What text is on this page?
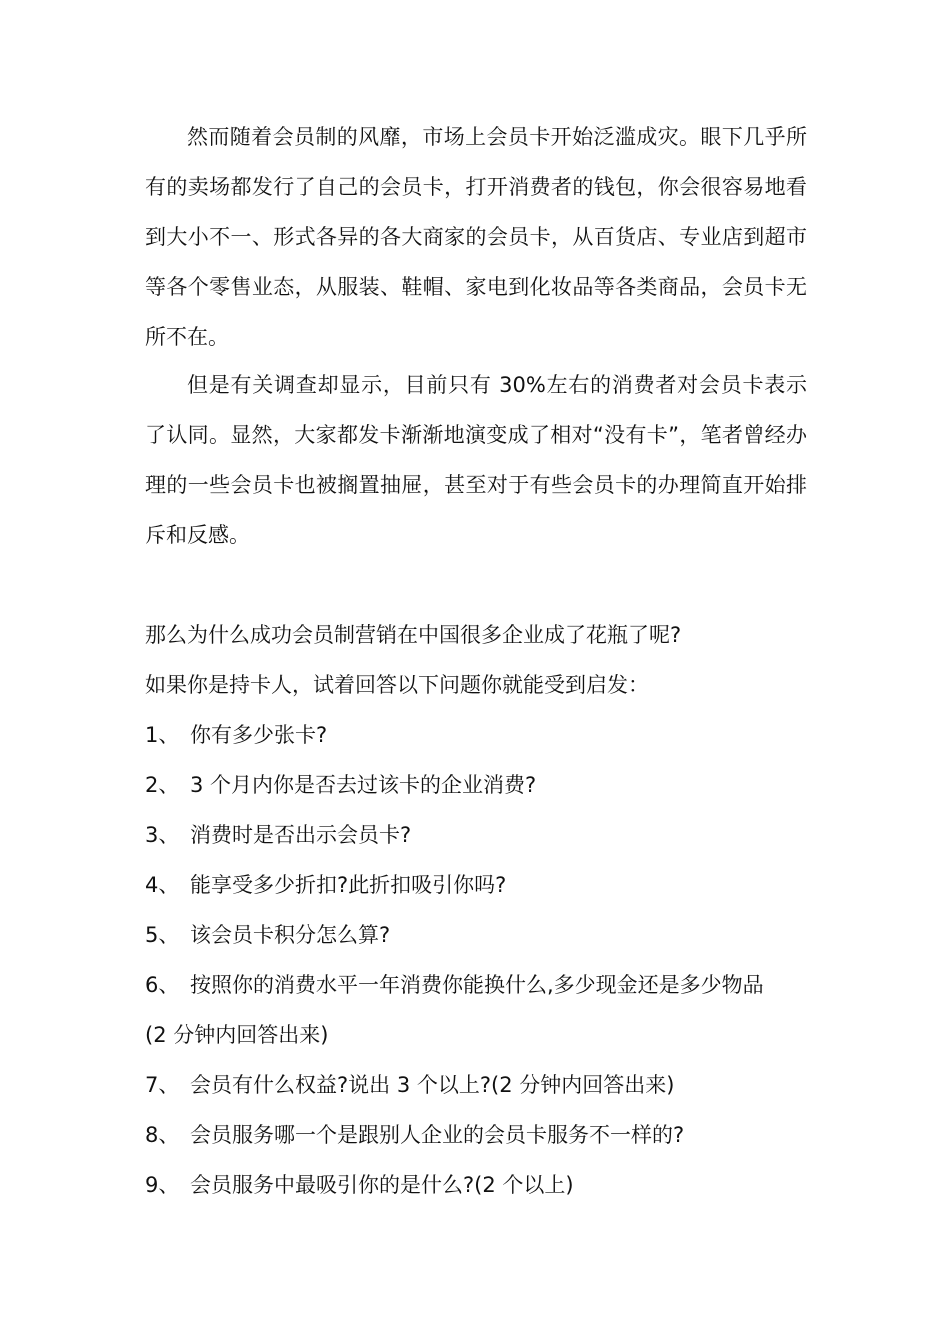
然而随着会员制的风靡，市场上会员卡开始泛滥成灾。眼下几乎所有的卖场都发行了自己的会员卡，打开消费者的钱包，你会很容易地看到大小不一、形式各异的各大商家的会员卡，从百货店、专业店到超市等各个零售业态，从服装、鞋帽、家电到化妆品等各类商品，会员卡无所不在。

但是有关调查却显示，目前只有 30%左右的消费者对会员卡表示了认同。显然，大家都发卡渐渐地演变成了相对“没有卡”，笔者曾经办理的一些会员卡也被搁置抽屉，甚至对于有些会员卡的办理简直开始排斥和反感。

那么为什么成功会员制营销在中国很多企业成了花瓶了呢?
如果你是持卡人，试着回答以下问题你就能受到启发：
1、 你有多少张卡?
2、 3 个月内你是否去过该卡的企业消费?
3、 消费时是否出示会员卡?
4、 能享受多少折扣?此折扣吸引你吗?
5、 该会员卡积分怎么算?
6、 按照你的消费水平一年消费你能换什么,多少现金还是多少物品
(2 分钟内回答出来)
7、 会员有什么权益?说出 3 个以上?(2 分钟内回答出来)
8、 会员服务哪一个是跟别人企业的会员卡服务不一样的?
9、 会员服务中最吸引你的是什么?(2 个以上)
